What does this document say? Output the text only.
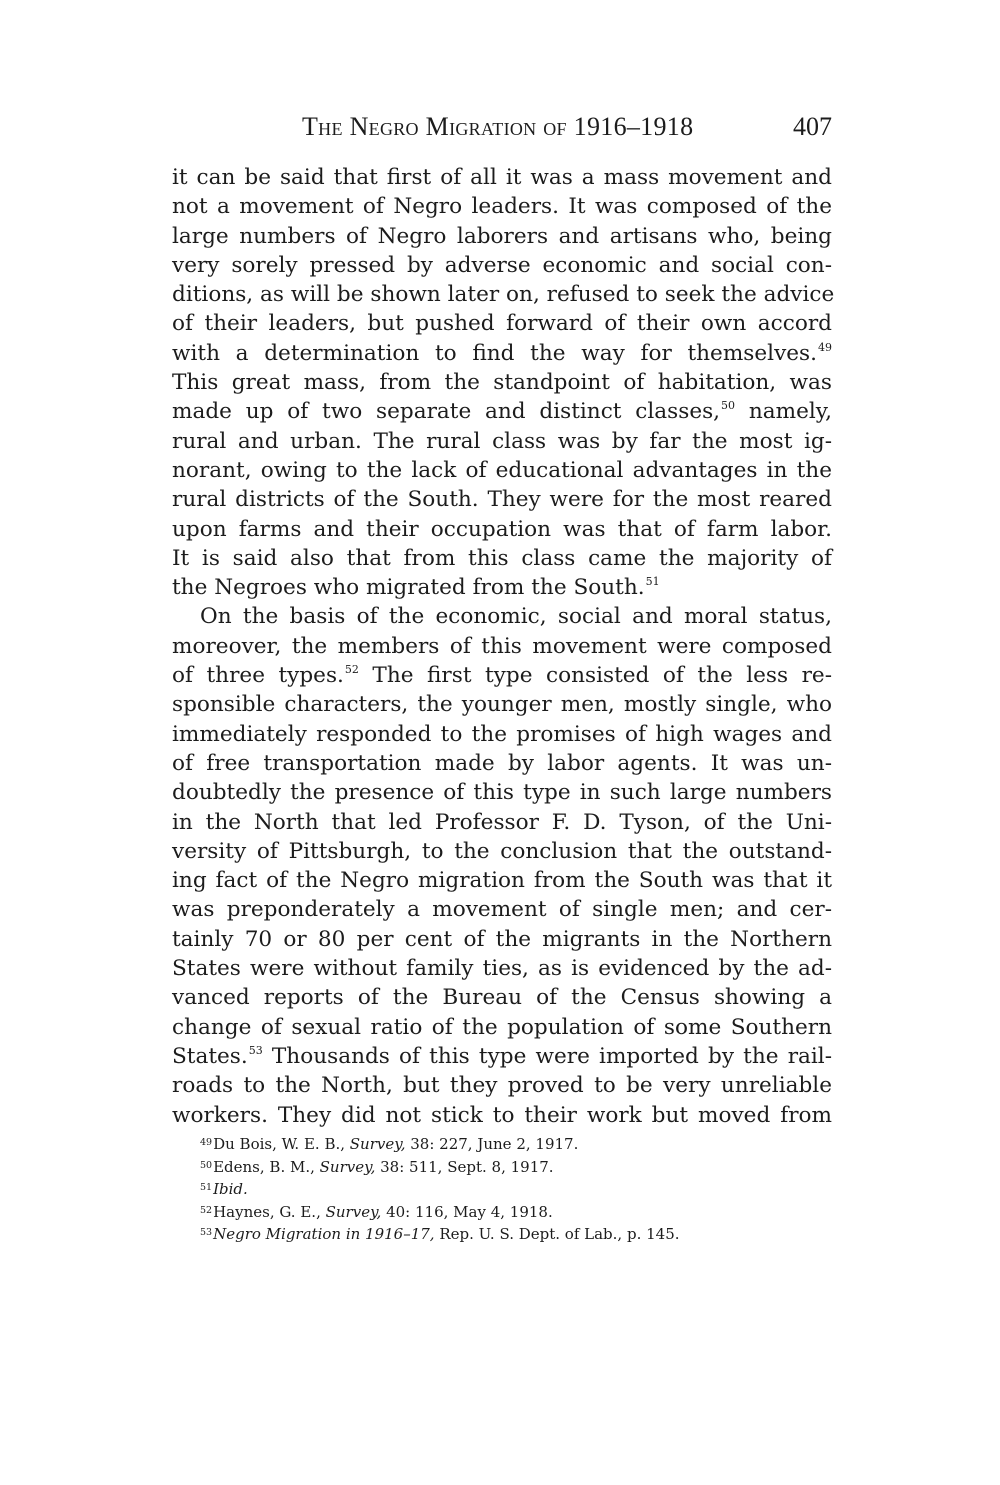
The Negro Migration of 1916–1918	407
it can be said that first of all it was a mass movement and
not a movement of Negro leaders. It was composed of the
large numbers of Negro laborers and artisans who, being
very sorely pressed by adverse economic and social con-
ditions, as will be shown later on, refused to seek the advice
of their leaders, but pushed forward of their own accord
with a determination to find the way for themselves.$^{49}$
This great mass, from the standpoint of habitation, was
made up of two separate and distinct classes,$^{50}$ namely,
rural and urban. The rural class was by far the most ig-
norant, owing to the lack of educational advantages in the
rural districts of the South. They were for the most reared
upon farms and their occupation was that of farm labor.
It is said also that from this class came the majority of
the Negroes who migrated from the South.$^{51}$
On the basis of the economic, social and moral status,
moreover, the members of this movement were composed
of three types.$^{52}$ The first type consisted of the less re-
sponsible characters, the younger men, mostly single, who
immediately responded to the promises of high wages and
of free transportation made by labor agents. It was un-
doubtedly the presence of this type in such large numbers
in the North that led Professor F. D. Tyson, of the Uni-
versity of Pittsburgh, to the conclusion that the outstand-
ing fact of the Negro migration from the South was that it
was preponderately a movement of single men; and cer-
tainly 70 or 80 per cent of the migrants in the Northern
States were without family ties, as is evidenced by the ad-
vanced reports of the Bureau of the Census showing a
change of sexual ratio of the population of some Southern
States.$^{53}$ Thousands of this type were imported by the rail-
roads to the North, but they proved to be very unreliable
workers. They did not stick to their work but moved from
$^{49}$Du Bois, W. E. B., Survey, 38: 227, June 2, 1917.
$^{50}$Edens, B. M., Survey, 38: 511, Sept. 8, 1917.
$^{51}$Ibid.
$^{52}$Haynes, G. E., Survey, 40: 116, May 4, 1918.
$^{53}$Negro Migration in 1916–17, Rep. U. S. Dept. of Lab., p. 145.
